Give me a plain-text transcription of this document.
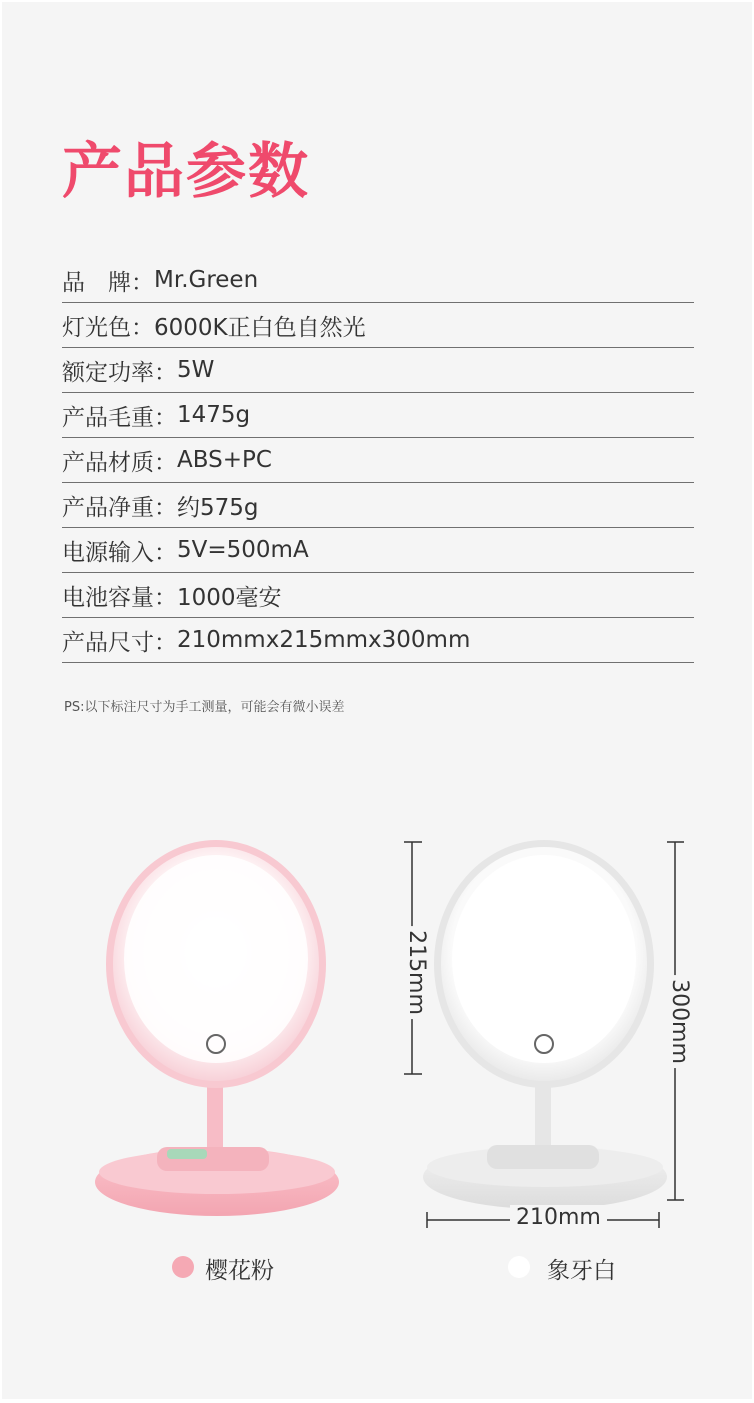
产品参数
品　牌： Mr.Green
灯光色： 6000K正白色自然光
额定功率： 5W
产品毛重： 1475g
产品材质： ABS+PC
产品净重： 约575g
电源输入： 5V=500mA
电池容量： 1000毫安
产品尺寸： 210mmx215mmx300mm
PS:以下标注尺寸为手工测量，可能会有微小误差
215mm
300mm
210mm
樱花粉	象牙白
